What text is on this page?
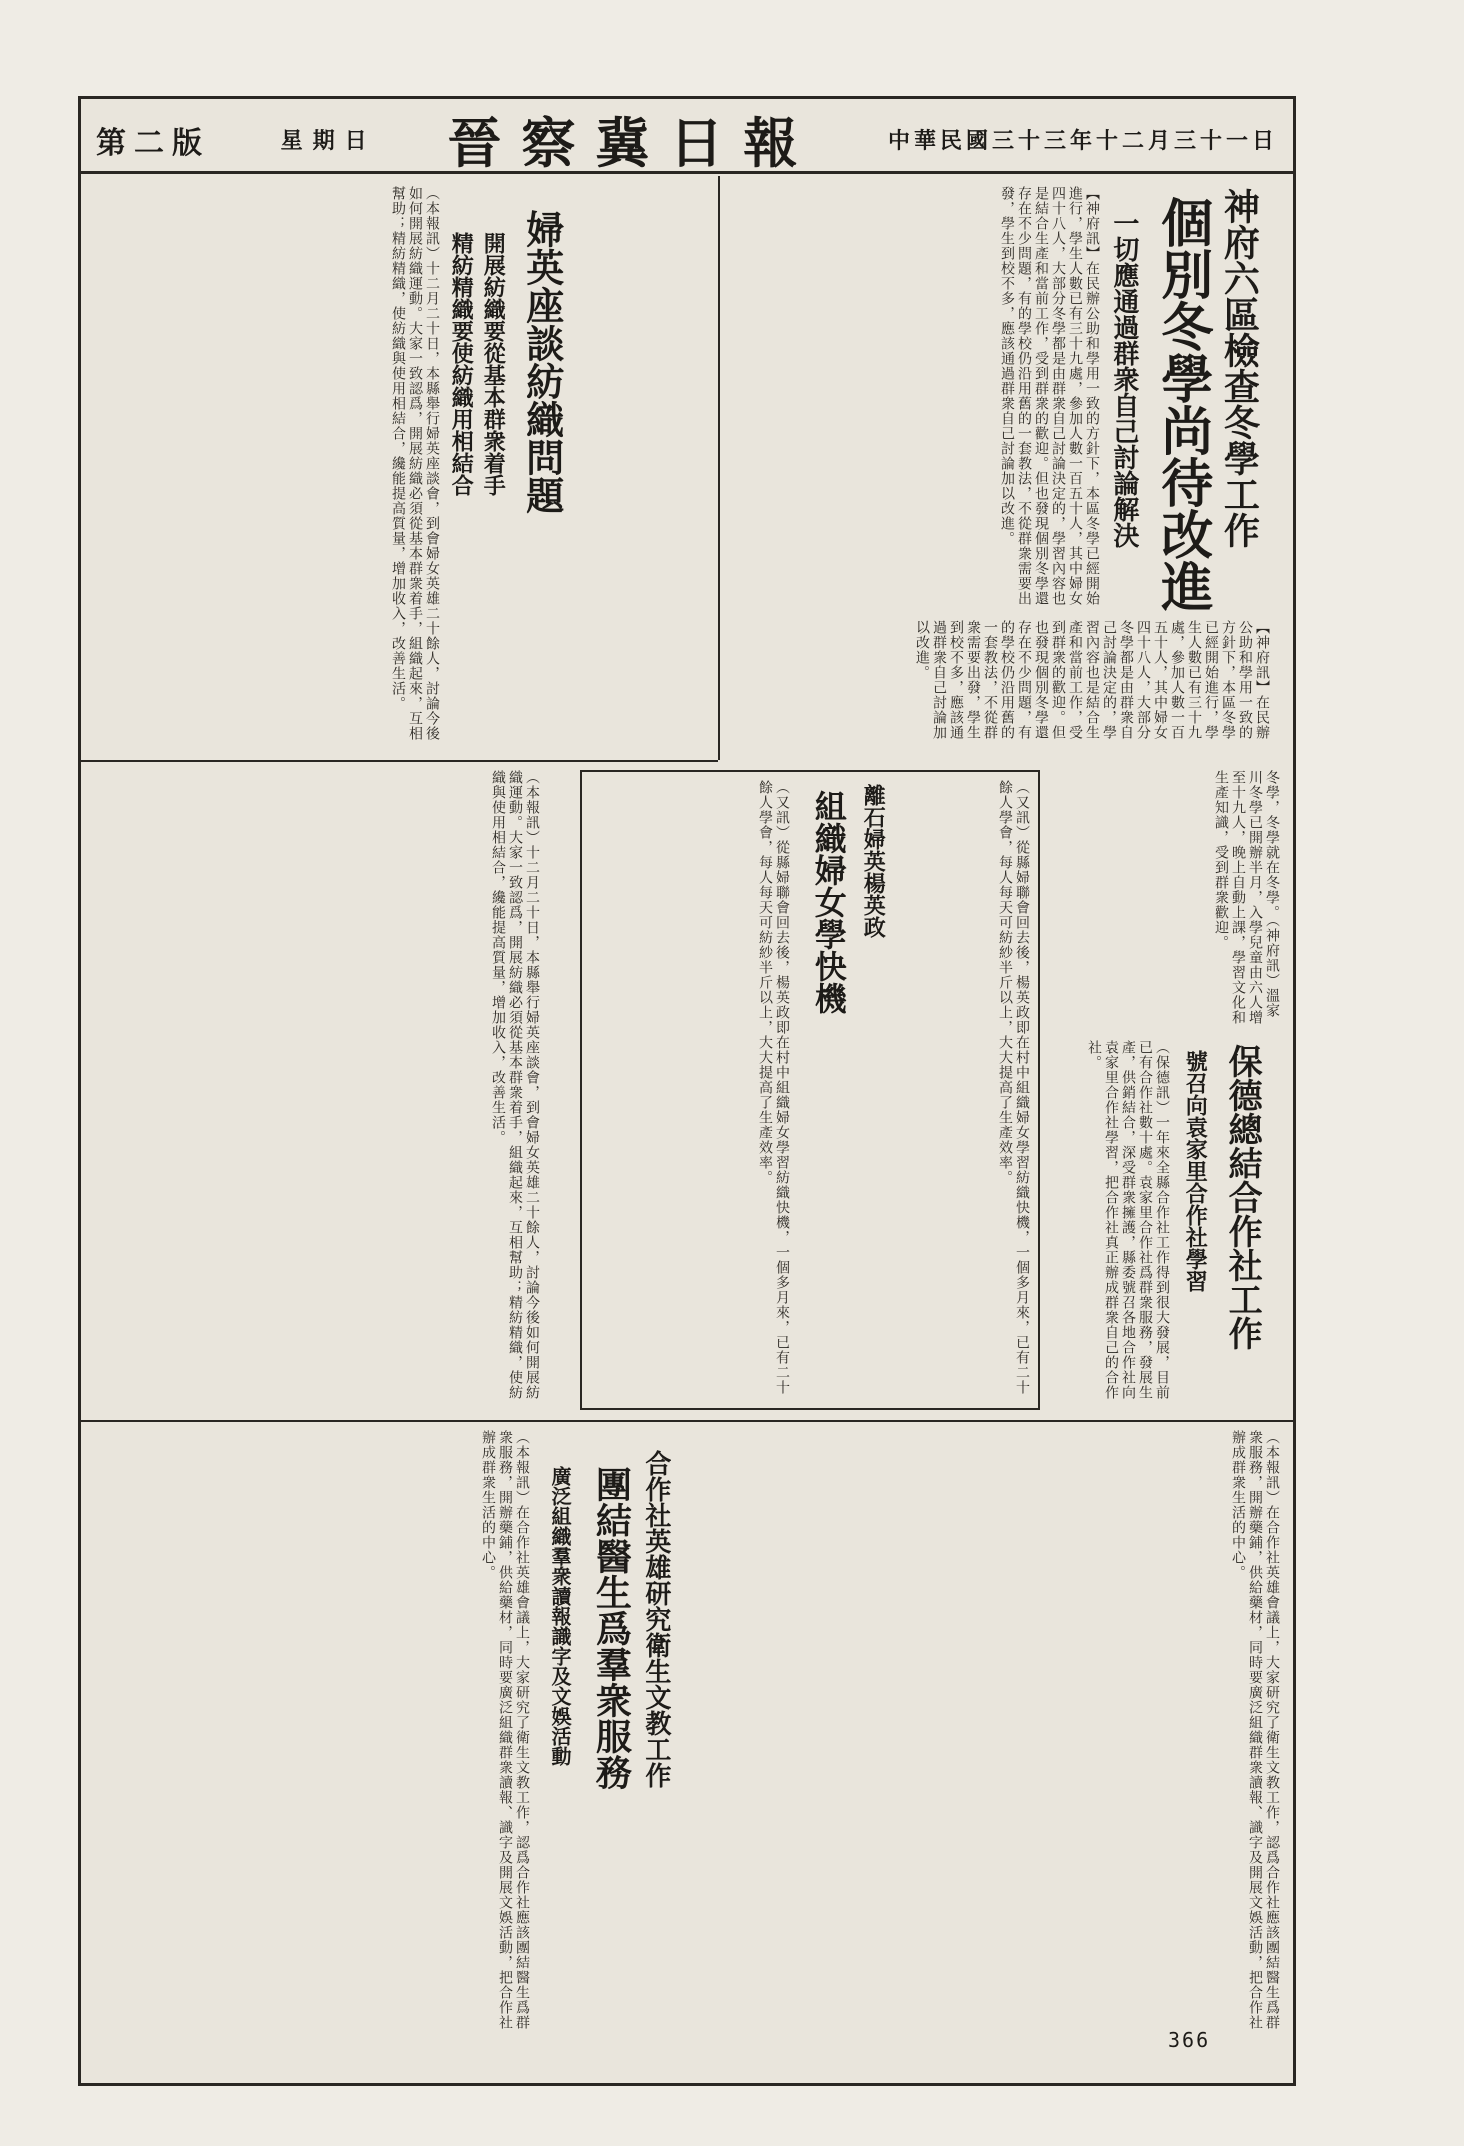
中華民國三十三年十二月三十一日
晉察冀日報
星期日
第二版
神府六區檢查冬學工作
個別冬學尚待改進
一切應通過群衆自己討論解決
【神府訊】在民辦公助和學用一致的方針下，本區冬學已經開始進行，學生人數已有三十九處，參加人數一百五十人，其中婦女四十八人，大部分冬學都是由群衆自己討論決定的，學習內容也是結合生產和當前工作，受到群衆的歡迎。但也發現個別冬學還存在不少問題，有的學校仍沿用舊的一套教法，不從群衆需要出發，學生到校不多，應該通過群衆自己討論加以改進。
【神府訊】在民辦公助和學用一致的方針下，本區冬學已經開始進行，學生人數已有三十九處，參加人數一百五十人，其中婦女四十八人，大部分冬學都是由群衆自己討論決定的，學習內容也是結合生產和當前工作，受到群衆的歡迎。但也發現個別冬學還存在不少問題，有的學校仍沿用舊的一套教法，不從群衆需要出發，學生到校不多，應該通過群衆自己討論加以改進。
婦英座談紡織問題
開展紡織要從基本群衆着手
精紡精織要使紡織用相結合
（本報訊）十二月二十日，本縣舉行婦英座談會，到會婦女英雄二十餘人，討論今後如何開展紡織運動。大家一致認爲，開展紡織必須從基本群衆着手，組織起來，互相幫助；精紡精織，使紡織與使用相結合，纔能提高質量，增加收入，改善生活。
（本報訊）十二月二十日，本縣舉行婦英座談會，到會婦女英雄二十餘人，討論今後如何開展紡織運動。大家一致認爲，開展紡織必須從基本群衆着手，組織起來，互相幫助；精紡精織，使紡織與使用相結合，纔能提高質量，增加收入，改善生活。	離石婦英楊英政
組織婦女學快機
（又訊）從縣婦聯會回去後，楊英政即在村中組織婦女學習紡織快機，一個多月來，已有二十餘人學會，每人每天可紡紗半斤以上，大大提高了生產效率。	（又訊）從縣婦聯會回去後，楊英政即在村中組織婦女學習紡織快機，一個多月來，已有二十餘人學會，每人每天可紡紗半斤以上，大大提高了生產效率。
保德總結合作社工作
號召向袁家里合作社學習
（保德訊）一年來全縣合作社工作得到很大發展，目前已有合作社數十處。袁家里合作社爲群衆服務，發展生產，供銷結合，深受群衆擁護，縣委號召各地合作社向袁家里合作社學習，把合作社真正辦成群衆自己的合作社。
冬學，冬學就在冬學。（神府訊）溫家川冬學已開辦半月，入學兒童由六人增至十九人，晚上自動上課，學習文化和生產知識，受到群衆歡迎。
合作社英雄研究衛生文教工作
團結醫生爲羣衆服務
廣泛組織羣衆讀報識字及文娛活動	（本報訊）在合作社英雄會議上，大家研究了衛生文教工作，認爲合作社應該團結醫生爲群衆服務，開辦藥鋪，供給藥材，同時要廣泛組織群衆讀報、識字及開展文娛活動，把合作社辦成群衆生活的中心。
（本報訊）在合作社英雄會議上，大家研究了衛生文教工作，認爲合作社應該團結醫生爲群衆服務，開辦藥鋪，供給藥材，同時要廣泛組織群衆讀報、識字及開展文娛活動，把合作社辦成群衆生活的中心。
366
